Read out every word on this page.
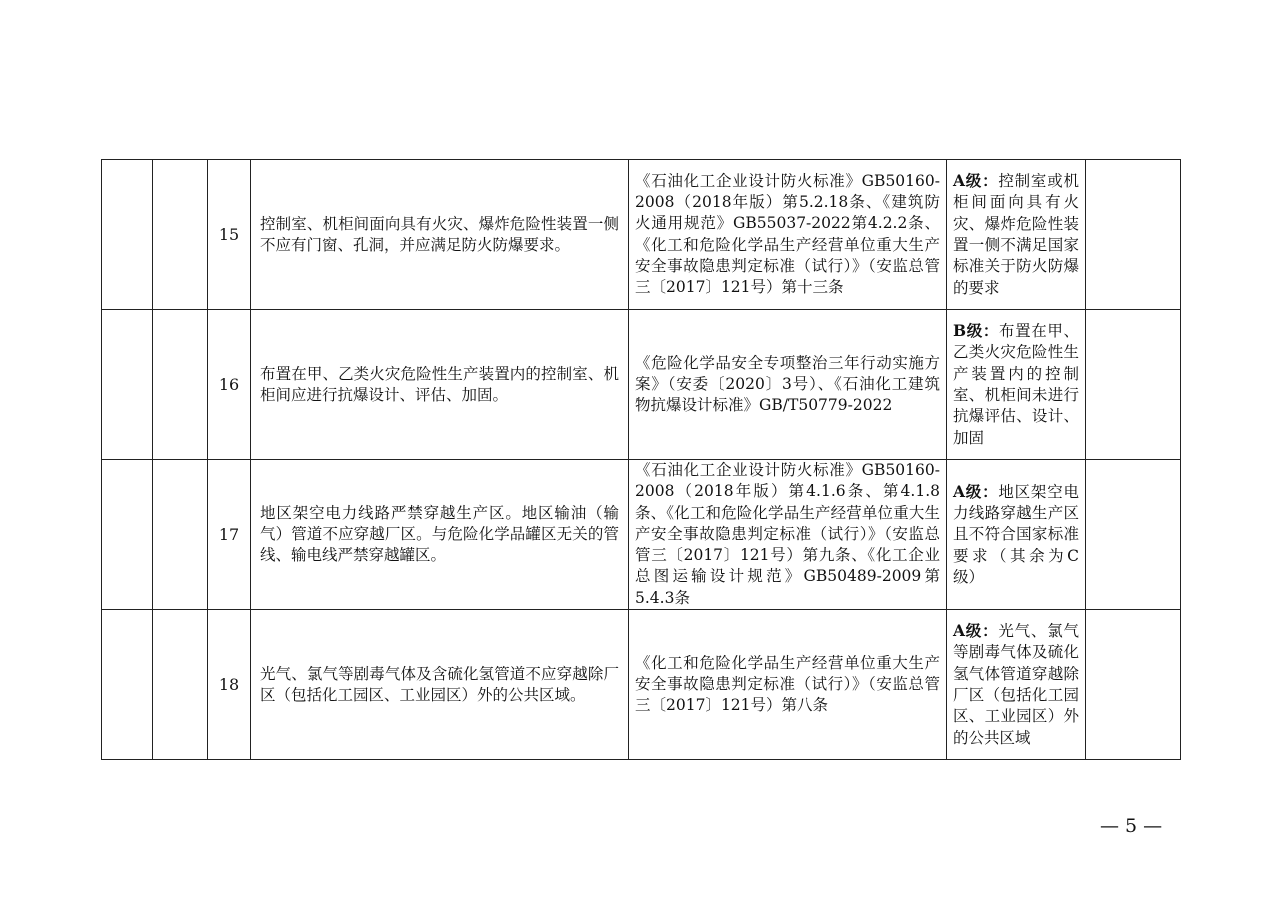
		15	控制室、机柜间面向具有火灾、爆炸危险性装置一侧不应有门窗、孔洞，并应满足防火防爆要求。	《石油化工企业设计防火标准》GB50160-2008（2018年版）第5.2.18条、《建筑防火通用规范》GB55037-2022第4.2.2条、《化工和危险化学品生产经营单位重大生产安全事故隐患判定标准（试行）》（安监总管三〔2017〕121号）第十三条	A级：控制室或机柜间面向具有火灾、爆炸危险性装置一侧不满足国家标准关于防火防爆的要求	
		16	布置在甲、乙类火灾危险性生产装置内的控制室、机柜间应进行抗爆设计、评估、加固。	《危险化学品安全专项整治三年行动实施方案》（安委〔2020〕3号）、《石油化工建筑物抗爆设计标准》GB/T50779-2022	B级：布置在甲、乙类火灾危险性生产装置内的控制室、机柜间未进行抗爆评估、设计、加固	
		17	地区架空电力线路严禁穿越生产区。地区输油（输气）管道不应穿越厂区。与危险化学品罐区无关的管线、输电线严禁穿越罐区。	《石油化工企业设计防火标准》GB50160-2008（2018年版）第4.1.6条、第4.1.8条、《化工和危险化学品生产经营单位重大生产安全事故隐患判定标准（试行）》（安监总管三〔2017〕121号）第九条、《化工企业总图运输设计规范》GB50489-2009第5.4.3条	A级：地区架空电力线路穿越生产区且不符合国家标准要求（其余为C级）	
		18	光气、氯气等剧毒气体及含硫化氢管道不应穿越除厂区（包括化工园区、工业园区）外的公共区域。	《化工和危险化学品生产经营单位重大生产安全事故隐患判定标准（试行）》（安监总管三〔2017〕121号）第八条	A级：光气、氯气等剧毒气体及硫化氢气体管道穿越除厂区（包括化工园区、工业园区）外的公共区域	
— 5 —
